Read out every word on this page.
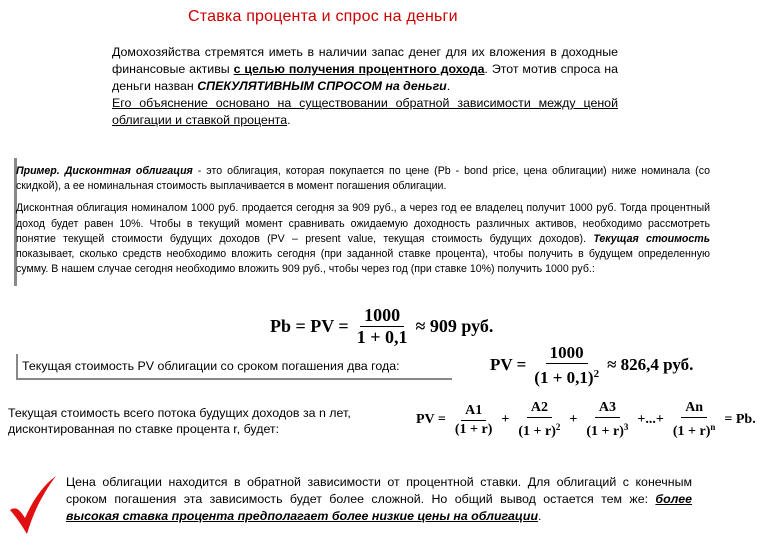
Ставка процента и спрос на деньги

Домохозяйства стремятся иметь в наличии запас денег для их вложения в доходные финансовые активы с целью получения процентного дохода. Этот мотив спроса на деньги назван СПЕКУЛЯТИВНЫМ СПРОСОМ на деньги.

Его объяснение основано на существовании обратной зависимости между ценой облигации и ставкой процента.

Пример. Дисконтная облигация - это облигация, которая покупается по цене (Pb - bond price, цена облигации) ниже номинала (со скидкой), а ее номинальная стоимость выплачивается в момент погашения облигации.

Дисконтная облигация номиналом 1000 руб. продается сегодня за 909 руб., а через год ее владелец получит 1000 руб. Тогда процентный доход будет равен 10%. Чтобы в текущий момент сравнивать ожидаемую доходность различных активов, необходимо рассмотреть понятие текущей стоимости будущих доходов (PV – present value, текущая стоимость будущих доходов). Текущая стоимость показывает, сколько средств необходимо вложить сегодня (при заданной ставке процента), чтобы получить в будущем определенную сумму. В нашем случае сегодня необходимо вложить 909 руб., чтобы через год (при ставке 10%) получить 1000 руб.:

Pb = PV = $\frac{1000}{1 + 0,1} \approx 909$ руб.
Текущая стоимость PV облигации со сроком погашения два года:	PV = $\frac{1000}{(1 + 0,1)^2} \approx 826,4$ руб.
Текущая стоимость всего потока будущих доходов за n лет, дисконтированная по ставке процента r, будет:
PV = $\frac{A1}{(1 + r)} + \frac{A2}{(1 + r)^2} + \frac{A3}{(1 + r)^3}$ +...+ $\frac{An}{(1 + r)^n} = Pb$.
Цена облигации находится в обратной зависимости от процентной ставки. Для облигаций с конечным сроком погашения эта зависимость будет более сложной. Но общий вывод остается тем же: более высокая ставка процента предполагает более низкие цены на облигации.
